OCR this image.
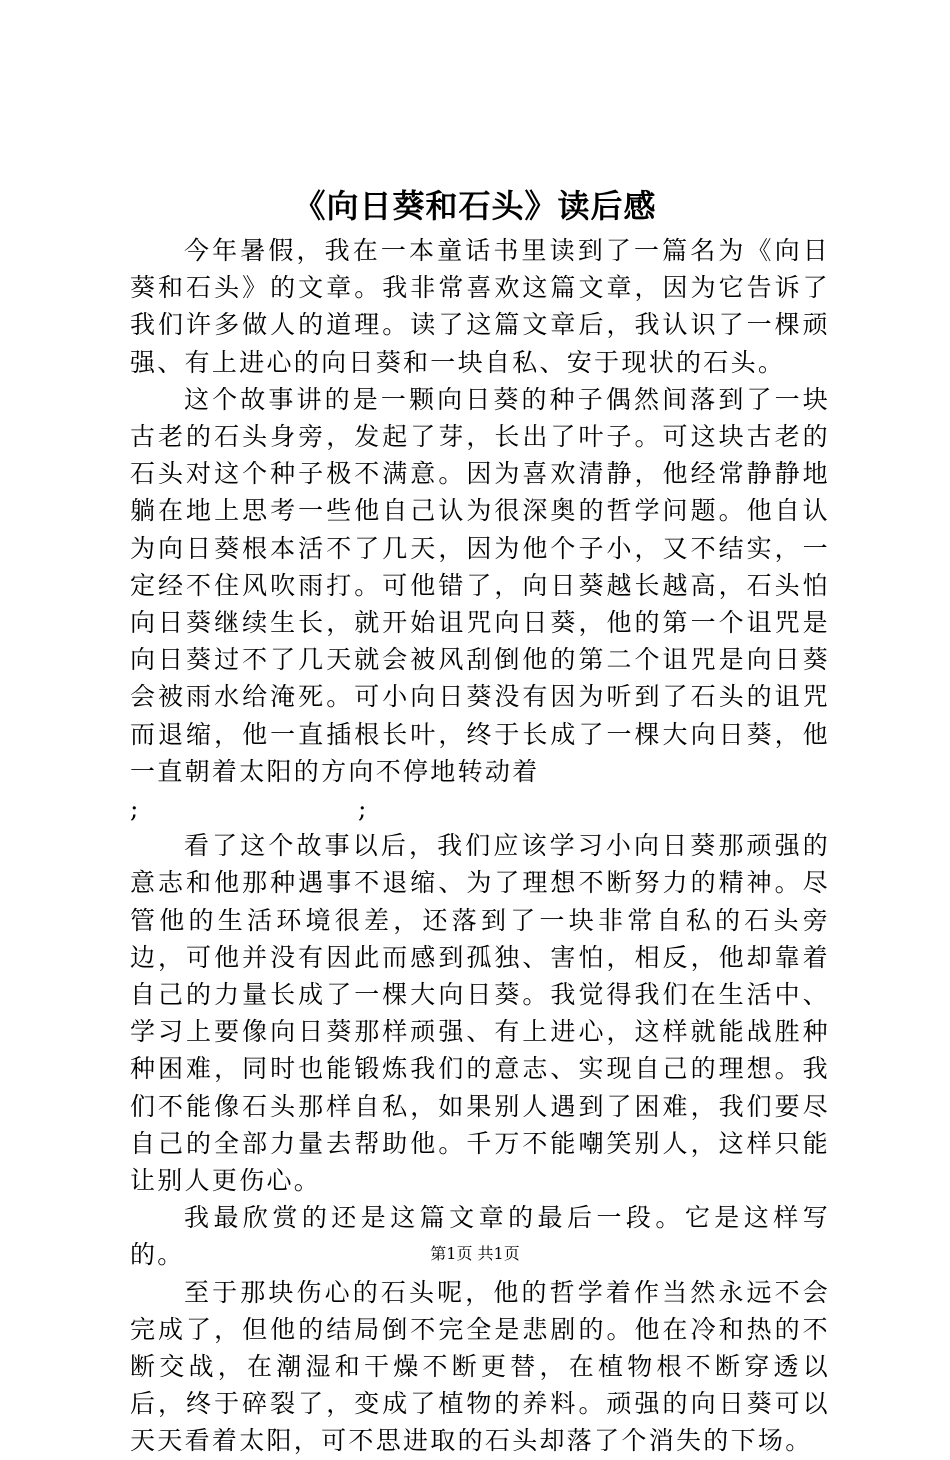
《向日葵和石头》读后感

今年暑假，我在一本童话书里读到了一篇名为《向日葵和石头》的文章。我非常喜欢这篇文章，因为它告诉了我们许多做人的道理。读了这篇文章后，我认识了一棵顽强、有上进心的向日葵和一块自私、安于现状的石头。

这个故事讲的是一颗向日葵的种子偶然间落到了一块古老的石头身旁，发起了芽，长出了叶子。可这块古老的石头对这个种子极不满意。因为喜欢清静，他经常静静地躺在地上思考一些他自己认为很深奥的哲学问题。他自认为向日葵根本活不了几天，因为他个子小，又不结实，一定经不住风吹雨打。可他错了，向日葵越长越高，石头怕向日葵继续生长，就开始诅咒向日葵，他的第一个诅咒是向日葵过不了几天就会被风刮倒他的第二个诅咒是向日葵会被雨水给淹死。可小向日葵没有因为听到了石头的诅咒而退缩，他一直插根长叶，终于长成了一棵大向日葵，他一直朝着太阳的方向不停地转动着

;	;

看了这个故事以后，我们应该学习小向日葵那顽强的意志和他那种遇事不退缩、为了理想不断努力的精神。尽管他的生活环境很差，还落到了一块非常自私的石头旁边，可他并没有因此而感到孤独、害怕，相反，他却靠着自己的力量长成了一棵大向日葵。我觉得我们在生活中、学习上要像向日葵那样顽强、有上进心，这样就能战胜种种困难，同时也能锻炼我们的意志、实现自己的理想。我们不能像石头那样自私，如果别人遇到了困难，我们要尽自己的全部力量去帮助他。千万不能嘲笑别人，这样只能让别人更伤心。

我最欣赏的还是这篇文章的最后一段。它是这样写的。

至于那块伤心的石头呢，他的哲学着作当然永远不会完成了，但他的结局倒不完全是悲剧的。他在冷和热的不断交战，在潮湿和干燥不断更替，在植物根不断穿透以后，终于碎裂了，变成了植物的养料。顽强的向日葵可以天天看着太阳，可不思进取的石头却落了个消失的下场。

第1页 共1页
